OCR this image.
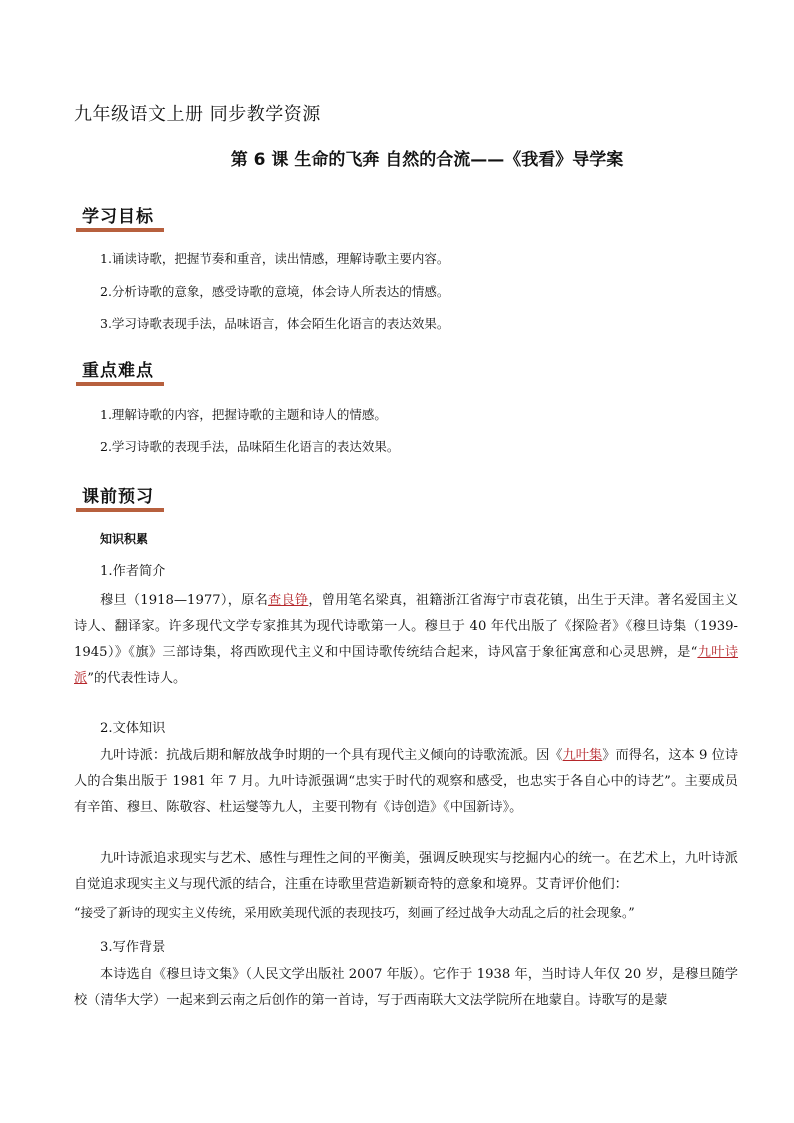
九年级语文上册 同步教学资源
第 6 课 生命的飞奔 自然的合流——《我看》导学案
学习目标
1.诵读诗歌，把握节奏和重音，读出情感，理解诗歌主要内容。
2.分析诗歌的意象，感受诗歌的意境，体会诗人所表达的情感。
3.学习诗歌表现手法，品味语言，体会陌生化语言的表达效果。
重点难点
1.理解诗歌的内容，把握诗歌的主题和诗人的情感。
2.学习诗歌的表现手法，品味陌生化语言的表达效果。
课前预习
知识积累
1.作者简介

穆旦（1918—1977），原名查良铮，曾用笔名梁真，祖籍浙江省海宁市袁花镇，出生于天津。著名爱国主义诗人、翻译家。许多现代文学专家推其为现代诗歌第一人。穆旦于 40 年代出版了《探险者》《穆旦诗集（1939-1945）》《旗》三部诗集，将西欧现代主义和中国诗歌传统结合起来，诗风富于象征寓意和心灵思辨，是“九叶诗派”的代表性诗人。

2.文体知识

九叶诗派：抗战后期和解放战争时期的一个具有现代主义倾向的诗歌流派。因《九叶集》而得名，这本 9 位诗人的合集出版于 1981 年 7 月。九叶诗派强调“忠实于时代的观察和感受，也忠实于各自心中的诗艺”。主要成员有辛笛、穆旦、陈敬容、杜运燮等九人，主要刊物有《诗创造》《中国新诗》。

九叶诗派追求现实与艺术、感性与理性之间的平衡美，强调反映现实与挖掘内心的统一。在艺术上，九叶诗派自觉追求现实主义与现代派的结合，注重在诗歌里营造新颖奇特的意象和境界。艾青评价他们：

“接受了新诗的现实主义传统，采用欧美现代派的表现技巧，刻画了经过战争大动乱之后的社会现象。”

3.写作背景

本诗选自《穆旦诗文集》（人民文学出版社 2007 年版）。它作于 1938 年，当时诗人年仅 20 岁，是穆旦随学校（清华大学）一起来到云南之后创作的第一首诗，写于西南联大文法学院所在地蒙自。诗歌写的是蒙
